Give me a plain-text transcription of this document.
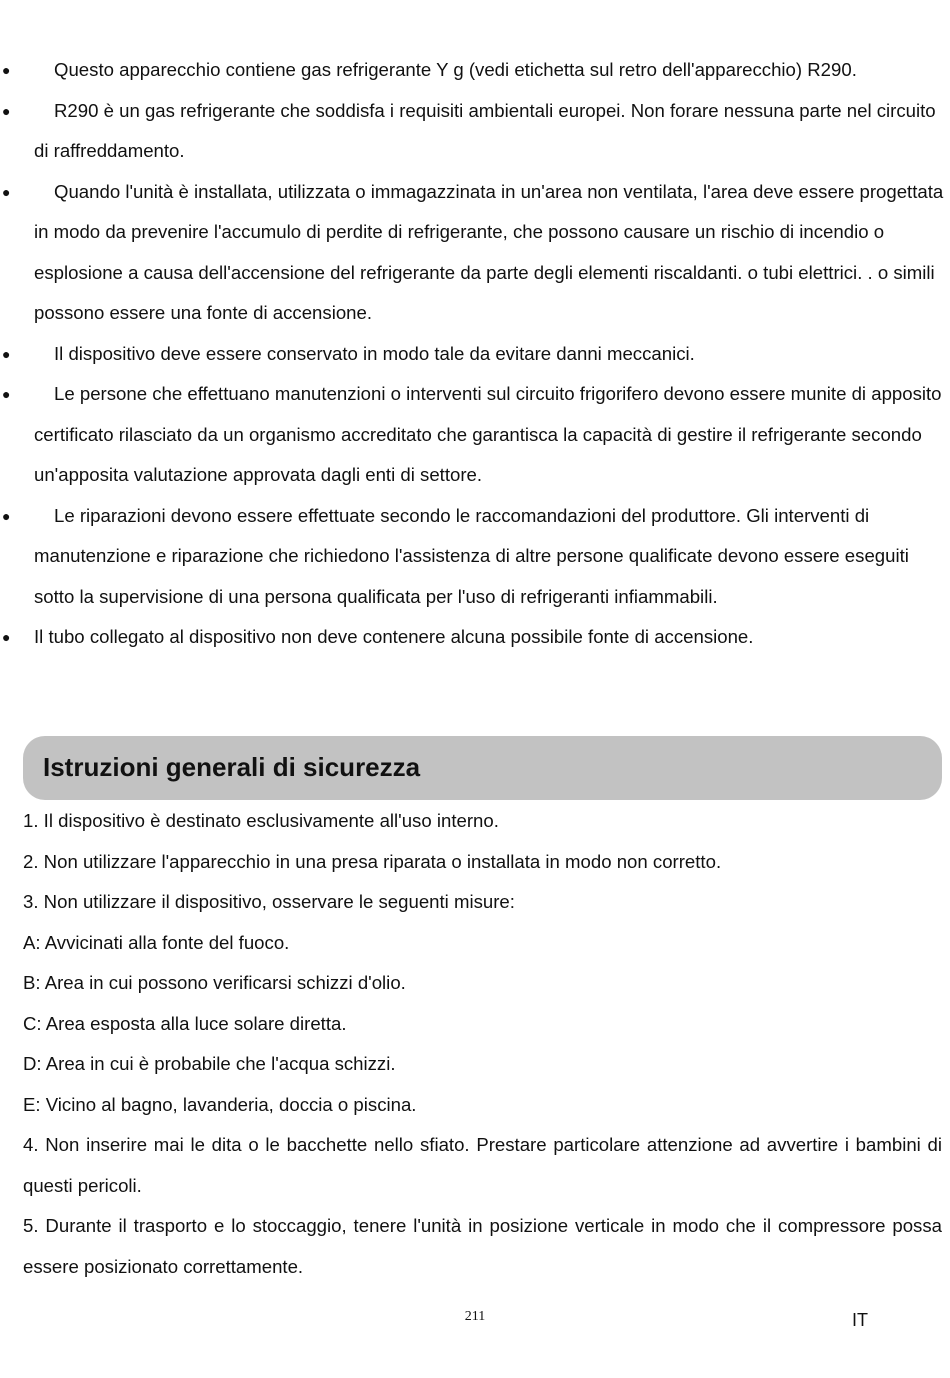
● Questo apparecchio contiene gas refrigerante Y g (vedi etichetta sul retro dell'apparecchio) R290.
● R290 è un gas refrigerante che soddisfa i requisiti ambientali europei. Non forare nessuna parte nel circuito di raffreddamento.
● Quando l'unità è installata, utilizzata o immagazzinata in un'area non ventilata, l'area deve essere progettata in modo da prevenire l'accumulo di perdite di refrigerante, che possono causare un rischio di incendio o esplosione a causa dell'accensione del refrigerante da parte degli elementi riscaldanti. o tubi elettrici. . o simili possono essere una fonte di accensione.
● Il dispositivo deve essere conservato in modo tale da evitare danni meccanici.
● Le persone che effettuano manutenzioni o interventi sul circuito frigorifero devono essere munite di apposito certificato rilasciato da un organismo accreditato che garantisca la capacità di gestire il refrigerante secondo un'apposita valutazione approvata dagli enti di settore.
● Le riparazioni devono essere effettuate secondo le raccomandazioni del produttore. Gli interventi di manutenzione e riparazione che richiedono l'assistenza di altre persone qualificate devono essere eseguiti sotto la supervisione di una persona qualificata per l'uso di refrigeranti infiammabili.
● Il tubo collegato al dispositivo non deve contenere alcuna possibile fonte di accensione.
Istruzioni generali di sicurezza
1. Il dispositivo è destinato esclusivamente all'uso interno.
2. Non utilizzare l'apparecchio in una presa riparata o installata in modo non corretto.
3. Non utilizzare il dispositivo, osservare le seguenti misure:
A: Avvicinati alla fonte del fuoco.
B: Area in cui possono verificarsi schizzi d'olio.
C: Area esposta alla luce solare diretta.
D: Area in cui è probabile che l'acqua schizzi.
E: Vicino al bagno, lavanderia, doccia o piscina.
4. Non inserire mai le dita o le bacchette nello sfiato. Prestare particolare attenzione ad avvertire i bambini di questi pericoli.
5. Durante il trasporto e lo stoccaggio, tenere l'unità in posizione verticale in modo che il compressore possa essere posizionato correttamente.
211	IT
